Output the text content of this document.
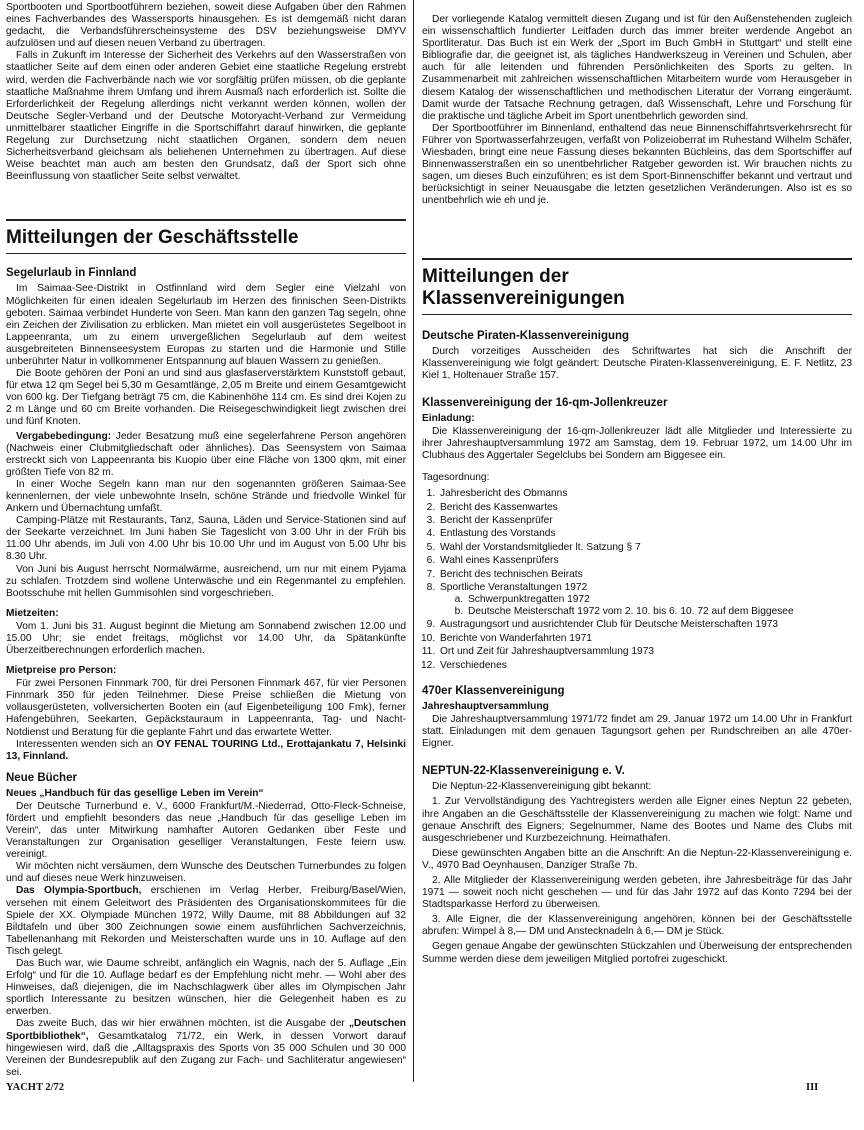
Sportbooten und Sportbootführern beziehen, soweit diese Aufgaben über den Rahmen eines Fachverbandes des Wassersports hinausgehen. Es ist demgemäß nicht daran gedacht, die Verbandsführerscheinsysteme des DSV beziehungsweise DMYV aufzulösen und auf diesen neuen Verband zu übertragen.

Falls in Zukunft im Interesse der Sicherheit des Verkehrs auf den Wasserstraßen von staatlicher Seite auf dem einen oder anderen Gebiet eine staatliche Regelung erstrebt wird, werden die Fachverbände nach wie vor sorgfältig prüfen müssen, ob die geplante staatliche Maßnahme ihrem Umfang und ihrem Ausmaß nach erforderlich ist. Sollte die Erforderlichkeit der Regelung allerdings nicht verkannt werden können, wollen der Deutsche Segler-Verband und der Deutsche Motoryacht-Verband zur Vermeidung unmittelbarer staatlicher Eingriffe in die Sportschiffahrt darauf hinwirken, die geplante Regelung zur Durchsetzung nicht staatlichen Organen, sondern dem neuen Sicherheitsverband gleichsam als beliehenen Unternehmen zu übertragen. Auf diese Weise beachtet man auch am besten den Grundsatz, daß der Sport sich ohne Beeinflussung von staatlicher Seite selbst verwaltet.

Mitteilungen der Geschäftsstelle
Segelurlaub in Finnland

Im Saimaa-See-Distrikt in Ostfinnland wird dem Segler eine Vielzahl von Möglichkeiten für einen idealen Segelurlaub im Herzen des finnischen Seen-Distrikts geboten. Saimaa verbindet Hunderte von Seen. Man kann den ganzen Tag segeln, ohne ein Zeichen der Zivilisation zu erblicken. Man mietet ein voll ausgerüstetes Segelboot in Lappeenranta, um zu einem unvergeßlichen Segelurlaub auf dem weitest ausgebreiteten Binnenseesystem Europas zu starten und die Harmonie und Stille unberührter Natur in vollkommener Entspannung auf blauen Wassern zu genießen.

Die Boote gehören der Poni an und sind aus glasfaserverstärktem Kunststoff gebaut, für etwa 12 qm Segel bei 5,30 m Gesamtlänge, 2,05 m Breite und einem Gesamtgewicht von 600 kg. Der Tiefgang beträgt 75 cm, die Kabinenhöhe 114 cm. Es sind drei Kojen zu 2 m Länge und 60 cm Breite vorhanden. Die Reisegeschwindigkeit liegt zwischen drei und fünf Knoten.

Vergabebedingung: Jeder Besatzung muß eine segelerfahrene Person angehören (Nachweis einer Clubmitgliedschaft oder ähnliches). Das Seensystem von Saimaa erstreckt sich von Lappeenranta bis Kuopio über eine Fläche von 1300 qkm, mit einer größten Tiefe von 82 m.

In einer Woche Segeln kann man nur den sogenannten größeren Saimaa-See kennenlernen, der viele unbewohnte Inseln, schöne Strände und friedvolle Winkel für Ankern und Übernachtung umfaßt.

Camping-Plätze mit Restaurants, Tanz, Sauna, Läden und Service-Stationen sind auf der Seekarte verzeichnet. Im Juni haben Sie Tageslicht von 3.00 Uhr in der Früh bis 11.00 Uhr abends, im Juli von 4.00 Uhr bis 10.00 Uhr und im August von 5.00 Uhr bis 8.30 Uhr.

Von Juni bis August herrscht Normalwärme, ausreichend, um nur mit einem Pyjama zu schlafen. Trotzdem sind wollene Unterwäsche und ein Regenmantel zu empfehlen. Bootsschuhe mit hellen Gummisohlen sind vorgeschrieben.

Mietzeiten:

Vom 1. Juni bis 31. August beginnt die Mietung am Sonnabend zwischen 12.00 und 15.00 Uhr; sie endet freitags, möglichst vor 14.00 Uhr, da Spätankünfte Überzeitberechnungen erforderlich machen.

Mietpreise pro Person:

Für zwei Personen Finnmark 700, für drei Personen Finnmark 467, für vier Personen Finnmark 350 für jeden Teilnehmer. Diese Preise schließen die Mietung von vollausgerüsteten, vollversicherten Booten ein (auf Eigenbeteiligung 100 Fmk), ferner Hafengebühren, Seekarten, Gepäckstauraum in Lappeenranta, Tag- und Nacht-Notdienst und Beratung für die geplante Fahrt und das erwartete Wetter.

Interessenten wenden sich an OY FENAL TOURING Ltd., Erottajankatu 7, Helsinki 13, Finnland.

Neue Bücher
Neues „Handbuch für das gesellige Leben im Verein“

Der Deutsche Turnerbund e. V., 6000 Frankfurt/M.-Niederrad, Otto-Fleck-Schneise, fördert und empfiehlt besonders das neue „Handbuch für das gesellige Leben im Verein“, das unter Mitwirkung namhafter Autoren Gedanken über Feste und Veranstaltungen zur Organisation geselliger Veranstaltungen, Feste feiern usw. vereinigt.

Wir möchten nicht versäumen, dem Wunsche des Deutschen Turnerbundes zu folgen und auf dieses neue Werk hinzuweisen.

Das Olympia-Sportbuch, erschienen im Verlag Herber, Freiburg/Basel/Wien, versehen mit einem Geleitwort des Präsidenten des Organisationskommitees für die Spiele der XX. Olympiade München 1972, Willy Daume, mit 88 Abbildungen auf 32 Bildtafeln und über 300 Zeichnungen sowie einem ausführlichen Sachverzeichnis, Tabellenanhang mit Rekorden und Meisterschaften wurde uns in 10. Auflage auf den Tisch gelegt.

Das Buch war, wie Daume schreibt, anfänglich ein Wagnis, nach der 5. Auflage „Ein Erfolg“ und für die 10. Auflage bedarf es der Empfehlung nicht mehr. — Wohl aber des Hinweises, daß diejenigen, die im Nachschlagwerk über alles im Olympischen Jahr sportlich Interessante zu besitzen wünschen, hier die Gelegenheit haben es zu erwerben.

Das zweite Buch, das wir hier erwähnen möchten, ist die Ausgabe der „Deutschen Sportbibliothek“, Gesamtkatalog 71/72, ein Werk, in dessen Vorwort darauf hingewiesen wird, daß die „Alltagspraxis des Sports von 35 000 Schulen und 30 000 Vereinen der Bundesrepublik auf den Zugang zur Fach- und Sachliteratur angewiesen“ sei.

Der vorliegende Katalog vermittelt diesen Zugang und ist für den Außenstehenden zugleich ein wissenschaftlich fundierter Leitfaden durch das immer breiter werdende Angebot an Sportliteratur. Das Buch ist ein Werk der „Sport im Buch GmbH in Stuttgart“ und stellt eine Bibliografie dar, die geeignet ist, als tägliches Handwerkszeug in Vereinen und Schulen, aber auch für alle leitenden und führenden Persönlichkeiten des Sports zu gelten. In Zusammenarbeit mit zahlreichen wissenschaftlichen Mitarbeitern wurde vom Herausgeber in diesem Katalog der wissenschaftlichen und methodischen Literatur der Vorrang eingeräumt. Damit wurde der Tatsache Rechnung getragen, daß Wissenschaft, Lehre und Forschung für die praktische und tägliche Arbeit im Sport unentbehrlich geworden sind.

Der Sportbootführer im Binnenland, enthaltend das neue Binnenschiffahrtsverkehrsrecht für Führer von Sportwasserfahrzeugen, verfaßt von Polizeioberrat im Ruhestand Wilhelm Schäfer, Wiesbaden, bringt eine neue Fassung dieses bekannten Büchleins, das dem Sportschiffer auf Binnenwasserstraßen ein so unentbehrlicher Ratgeber geworden ist. Wir brauchen nichts zu sagen, um dieses Buch einzuführen; es ist dem Sport-Binnenschiffer bekannt und vertraut und berücksichtigt in seiner Neuausgabe die letzten gesetzlichen Veränderungen. Also ist es so unentbehrlich wie eh und je.

Mitteilungen der Klassenvereinigungen
Deutsche Piraten-Klassenvereinigung

Durch vorzeitiges Ausscheiden des Schriftwartes hat sich die Anschrift der Klassenvereinigung wie folgt geändert: Deutsche Piraten-Klassenvereinigung, E. F. Netlitz, 23 Kiel 1, Holtenauer Straße 157.

Klassenvereinigung der 16-qm-Jollenkreuzer
Einladung:

Die Klassenvereinigung der 16-qm-Jollenkreuzer lädt alle Mitglieder und Interessierte zu ihrer Jahreshauptversammlung 1972 am Samstag, dem 19. Februar 1972, um 14.00 Uhr im Clubhaus des Aggertaler Segelclubs bei Sondern am Biggesee ein.

Tagesordnung:

1. Jahresbericht des Obmanns
2. Bericht des Kassenwartes
3. Bericht der Kassenprüfer
4. Entlastung des Vorstands
5. Wahl der Vorstandsmitglieder lt. Satzung § 7
6. Wahl eines Kassenprüfers
7. Bericht des technischen Beirats
8. Sportliche Veranstaltungen 1972
a. Schwerpunktregatten 1972
b. Deutsche Meisterschaft 1972 vom 2. 10. bis 6. 10. 72 auf dem Biggesee
9. Austragungsort und ausrichtender Club für Deutsche Meisterschaften 1973
10. Berichte von Wanderfahrten 1971
11. Ort und Zeit für Jahreshauptversammlung 1973
12. Verschiedenes
470er Klassenvereinigung
Jahreshauptversammlung

Die Jahreshauptversammlung 1971/72 findet am 29. Januar 1972 um 14.00 Uhr in Frankfurt statt. Einladungen mit dem genauen Tagungsort gehen per Rundschreiben an alle 470er-Eigner.

NEPTUN-22-Klassenvereinigung e. V.

Die Neptun-22-Klassenvereinigung gibt bekannt:

1. Zur Vervollständigung des Yachtregisters werden alle Eigner eines Neptun 22 gebeten, ihre Angaben an die Geschäftsstelle der Klassenvereinigung zu machen wie folgt: Name und genaue Anschrift des Eigners; Segelnummer, Name des Bootes und Name des Clubs mit ausgeschriebener und Kurzbezeichnung. Heimathafen.

Diese gewünschten Angaben bitte an die Anschrift: An die Neptun-22-Klassenvereinigung e. V., 4970 Bad Oeynhausen, Danziger Straße 7b.

2. Alle Mitglieder der Klassenvereinigung werden gebeten, ihre Jahresbeiträge für das Jahr 1971 — soweit noch nicht geschehen — und für das Jahr 1972 auf das Konto 7294 bei der Stadtsparkasse Herford zu überweisen.

3. Alle Eigner, die der Klassenvereinigung angehören, können bei der Geschäftsstelle abrufen: Wimpel à 8,— DM und Anstecknadeln à 6,— DM je Stück.

Gegen genaue Angabe der gewünschten Stückzahlen und Überweisung der entsprechenden Summe werden diese dem jeweiligen Mitglied portofrei zugeschickt.

YACHT 2/72	III
